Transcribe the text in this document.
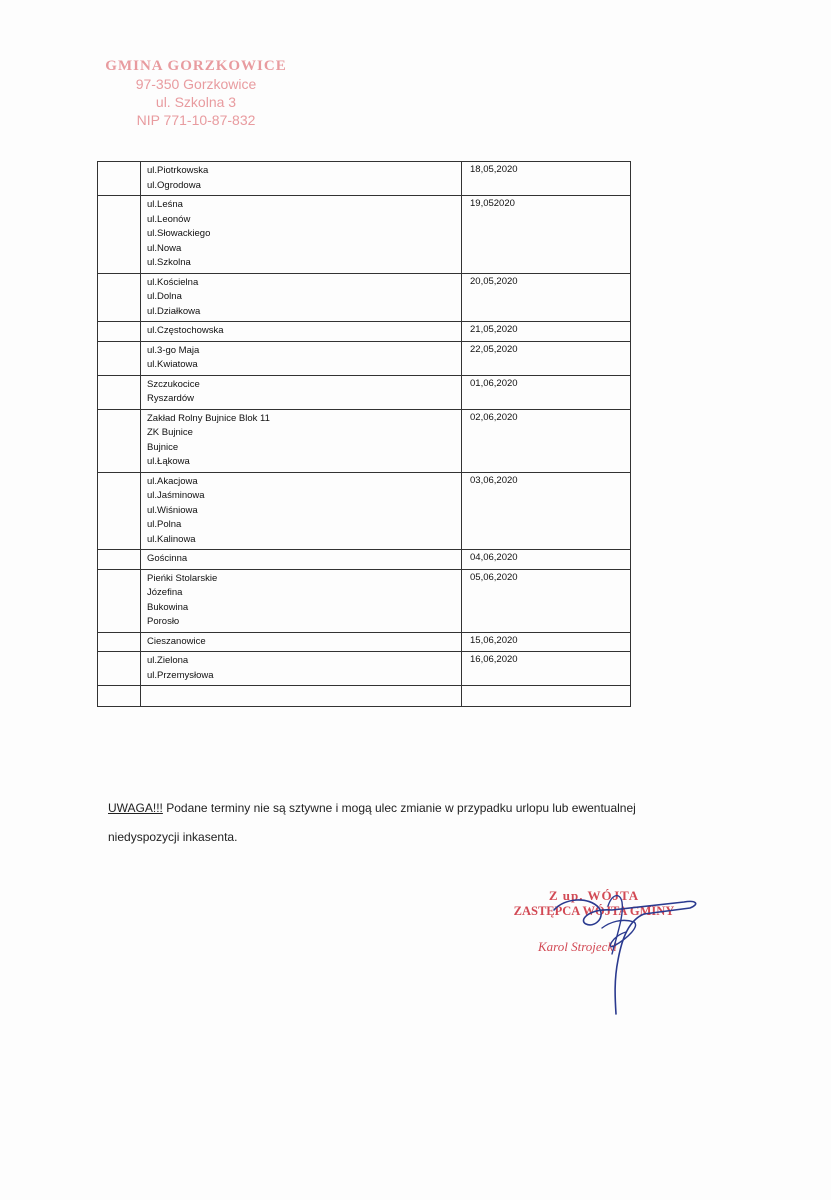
GMINA GORZKOWICE
97-350 Gorzkowice
ul. Szkolna 3
NIP 771-10-87-832

	ul.Piotrkowska
ul.Ogrodowa	18,05,2020

	ul.Leśna
ul.Leonów
ul.Słowackiego
ul.Nowa
ul.Szkolna	19,052020

	ul.Kościelna
ul.Dolna
ul.Działkowa	20,05,2020

	ul.Częstochowska	21,05,2020

	ul.3-go Maja
ul.Kwiatowa	22,05,2020

	Szczukocice
Ryszardów	01,06,2020

	Zakład Rolny Bujnice Blok 11
ZK Bujnice
Bujnice
ul.Łąkowa	02,06,2020

	ul.Akacjowa
ul.Jaśminowa
ul.Wiśniowa
ul.Polna
ul.Kalinowa	03,06,2020

	Gościnna	04,06,2020

	Pieńki Stolarskie
Józefina
Bukowina
Porosło	05,06,2020

	Cieszanowice	15,06,2020

	ul.Zielona
ul.Przemysłowa	16,06,2020

UWAGA!!! Podane terminy nie są sztywne i mogą ulec zmianie w przypadku urlopu lub ewentualnej
niedyspozycji inkasenta.
Z up. WÓJTA
ZASTĘPCA WÓJTA GMINY
Karol Strojecki
